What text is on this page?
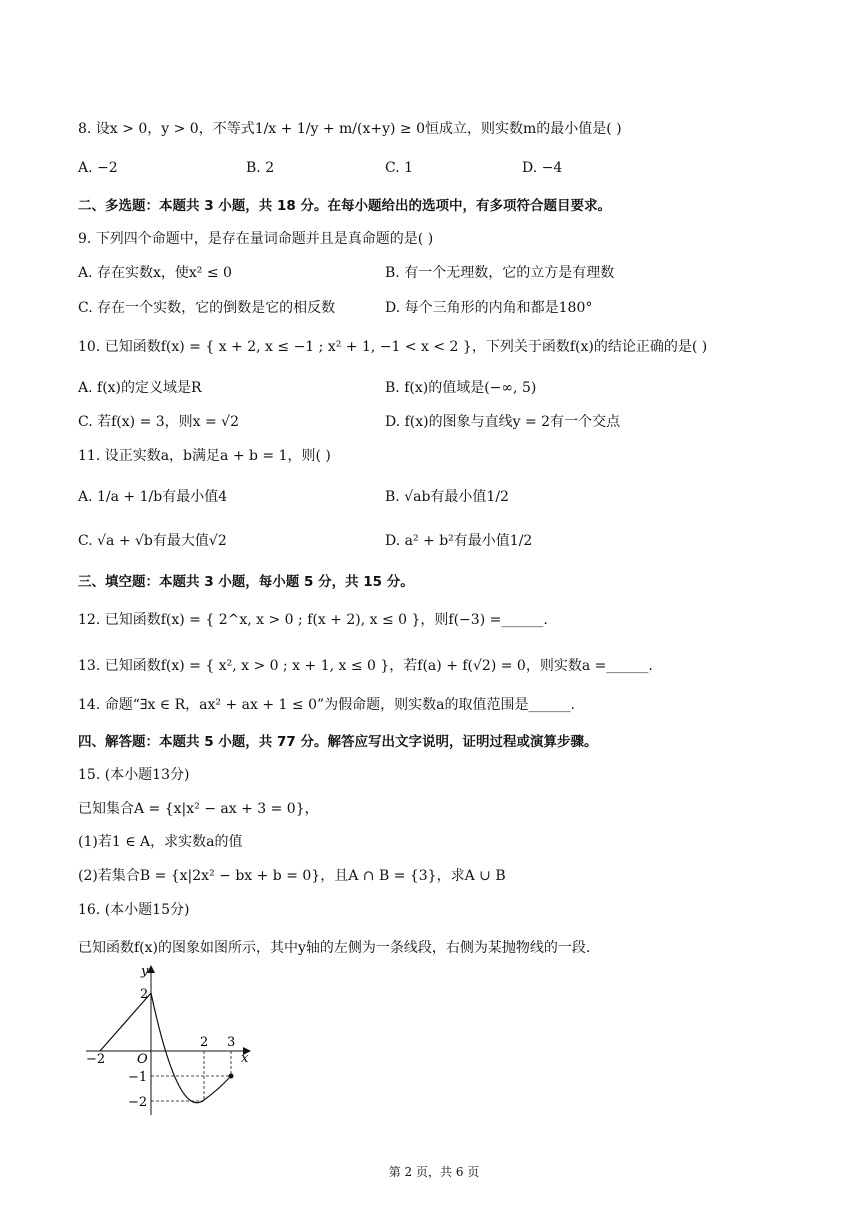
8. 设x > 0，y > 0，不等式1/x + 1/y + m/(x+y) ≥ 0恒成立，则实数m的最小值是( )
A. −2	B. 2	C. 1	D. −4
二、多选题：本题共 3 小题，共 18 分。在每小题给出的选项中，有多项符合题目要求。
9. 下列四个命题中，是存在量词命题并且是真命题的是( )
A. 存在实数x，使x² ≤ 0	B. 有一个无理数，它的立方是有理数
C. 存在一个实数，它的倒数是它的相反数	D. 每个三角形的内角和都是180°
10. 已知函数f(x) = { x + 2, x ≤ −1 ; x² + 1, −1 < x < 2 }，下列关于函数f(x)的结论正确的是( )
A. f(x)的定义域是R	B. f(x)的值域是(−∞, 5)
C. 若f(x) = 3，则x = √2	D. f(x)的图象与直线y = 2有一个交点
11. 设正实数a，b满足a + b = 1，则( )
A. 1/a + 1/b有最小值4	B. √ab有最小值1/2
C. √a + √b有最大值√2	D. a² + b²有最小值1/2
三、填空题：本题共 3 小题，每小题 5 分，共 15 分。
12. 已知函数f(x) = { 2^x, x > 0 ; f(x + 2), x ≤ 0 }，则f(−3) =______.
13. 已知函数f(x) = { x², x > 0 ; x + 1, x ≤ 0 }，若f(a) + f(√2) = 0，则实数a =______.
14. 命题“∃x ∈ R，ax² + ax + 1 ≤ 0”为假命题，则实数a的取值范围是______.
四、解答题：本题共 5 小题，共 77 分。解答应写出文字说明，证明过程或演算步骤。
15. (本小题13分)
已知集合A = {x|x² − ax + 3 = 0}，
(1)若1 ∈ A，求实数a的值
(2)若集合B = {x|2x² − bx + b = 0}，且A ∩ B = {3}，求A ∪ B
16. (本小题15分)
已知函数f(x)的图象如图所示，其中y轴的左侧为一条线段，右侧为某抛物线的一段.
y
x
O
2
−2
2 3
−1
−2
第 2 页，共 6 页
